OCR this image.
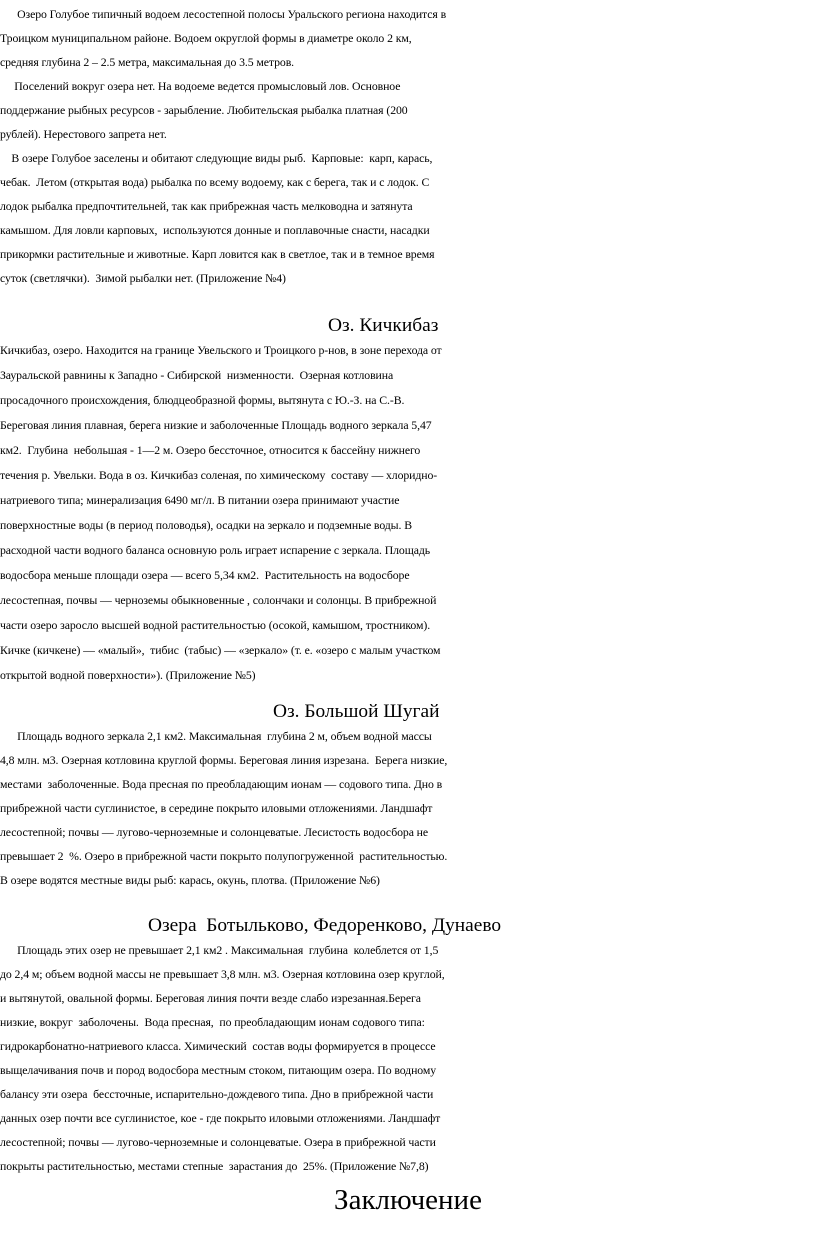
Озеро Голубое типичный водоем лесостепной полосы Уральского региона находится в
Троицком муниципальном районе. Водоем округлой формы в диаметре около 2 км,
средняя глубина 2 – 2.5 метра, максимальная до 3.5 метров.
Поселений вокруг озера нет. На водоеме ведется промысловый лов. Основное
поддержание рыбных ресурсов - зарыбление. Любительская рыбалка платная (200
рублей). Нерестового запрета нет.
В озере Голубое заселены и обитают следующие виды рыб.  Карповые:  карп, карась,
чебак.  Летом (открытая вода) рыбалка по всему водоему, как с берега, так и с лодок. С
лодок рыбалка предпочтительней, так как прибрежная часть мелководна и затянута
камышом. Для ловли карповых,  используются донные и поплавочные снасти, насадки
прикормки растительные и животные. Карп ловится как в светлое, так и в темное время
суток (светлячки).  Зимой рыбалки нет. (Приложение №4)
Оз. Кичкибаз
Кичкибаз, озеро. Находится на границе Увельского и Троицкого р-нов, в зоне перехода от
Зауральской равнины к Западно - Сибирской  низменности.  Озерная котловина
просадочного происхождения, блюдцеобразной формы, вытянута с Ю.-З. на С.-В.
Береговая линия плавная, берега низкие и заболоченные Площадь водного зеркала 5,47
км2.  Глубина  небольшая - 1—2 м. Озеро бессточное, относится к бассейну нижнего
течения р. Увельки. Вода в оз. Кичкибаз соленая, по химическому  составу — хлоридно-
натриевого типа; минерализация 6490 мг/л. В питании озера принимают участие
поверхностные воды (в период половодья), осадки на зеркало и подземные воды. В
расходной части водного баланса основную роль играет испарение с зеркала. Площадь
водосбора меньше площади озера — всего 5,34 км2.  Растительность на водосборе
лесостепная, почвы — черноземы обыкновенные , солончаки и солонцы. В прибрежной
части озеро заросло высшей водной растительностью (осокой, камышом, тростником).
Кичке (кичкене) — «малый»,  тибис  (табыс) — «зеркало» (т. е. «озеро с малым участком
открытой водной поверхности»). (Приложение №5)
Оз. Большой Шугай
Площадь водного зеркала 2,1 км2. Максимальная  глубина 2 м, объем водной массы
4,8 млн. м3. Озерная котловина круглой формы. Береговая линия изрезана.  Берега низкие,
местами  заболоченные. Вода пресная по преобладающим ионам — содового типа. Дно в
прибрежной части суглинистое, в середине покрыто иловыми отложениями. Ландшафт
лесостепной; почвы — лугово-черноземные и солонцеватые. Лесистость водосбора не
превышает 2  %. Озеро в прибрежной части покрыто полупогруженной  растительностью.
В озере водятся местные виды рыб: карась, окунь, плотва. (Приложение №6)
Озера  Ботыльково, Федоренково, Дунаево
Площадь этих озер не превышает 2,1 км2 . Максимальная  глубина  колеблется от 1,5
до 2,4 м; объем водной массы не превышает 3,8 млн. м3. Озерная котловина озер круглой,
и вытянутой, овальной формы. Береговая линия почти везде слабо изрезанная.Берега
низкие, вокруг  заболочены.  Вода пресная,  по преобладающим ионам содового типа:
гидрокарбонатно-натриевого класса. Химический  состав воды формируется в процессе
выщелачивания почв и пород водосбора местным стоком, питающим озера. По водному
балансу эти озера  бессточные, испарительно-дождевого типа. Дно в прибрежной части
данных озер почти все суглинистое, кое - где покрыто иловыми отложениями. Ландшафт
лесостепной; почвы — лугово-черноземные и солонцеватые. Озера в прибрежной части
покрыты растительностью, местами степные  зарастания до  25%. (Приложение №7,8)
Заключение
